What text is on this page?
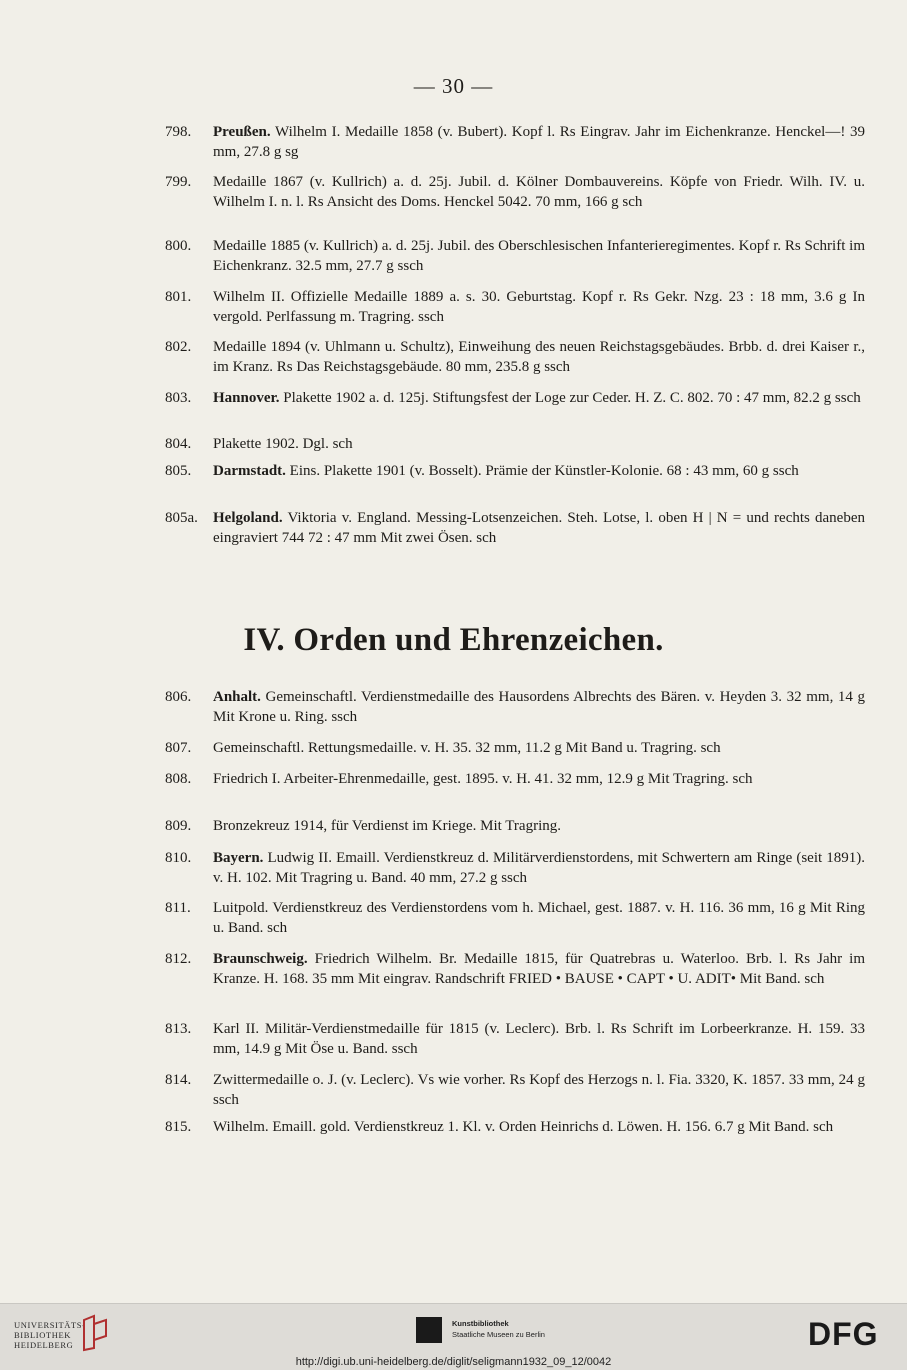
— 30 —
798. Preußen. Wilhelm I. Medaille 1858 (v. Bubert). Kopf l. Rs Eingrav. Jahr im Eichenkranze. Henckel—! 39 mm, 27.8 g sg
799. Medaille 1867 (v. Kullrich) a. d. 25j. Jubil. d. Kölner Dombauvereins. Köpfe von Friedr. Wilh. IV. u. Wilhelm I. n. l. Rs Ansicht des Doms. Henckel 5042. 70 mm, 166 g sch
800. Medaille 1885 (v. Kullrich) a. d. 25j. Jubil. des Oberschlesischen Infanterieregimentes. Kopf r. Rs Schrift im Eichenkranz. 32.5 mm, 27.7 g ssch
801. Wilhelm II. Offizielle Medaille 1889 a. s. 30. Geburtstag. Kopf r. Rs Gekr. Nzg. 23 : 18 mm, 3.6 g In vergold. Perlfassung m. Tragring. ssch
802. Medaille 1894 (v. Uhlmann u. Schultz), Einweihung des neuen Reichstagsgebäudes. Brbb. d. drei Kaiser r., im Kranz. Rs Das Reichstagsgebäude. 80 mm, 235.8 g ssch
803. Hannover. Plakette 1902 a. d. 125j. Stiftungsfest der Loge zur Ceder. H. Z. C. 802. 70 : 47 mm, 82.2 g ssch
804. Plakette 1902. Dgl. sch
805. Darmstadt. Eins. Plakette 1901 (v. Bosselt). Prämie der Künstler-Kolonie. 68 : 43 mm, 60 g ssch
805a. Helgoland. Viktoria v. England. Messing-Lotsenzeichen. Steh. Lotse, l. oben H | N = und rechts daneben eingraviert 744 72 : 47 mm Mit zwei Ösen. sch
IV. Orden und Ehrenzeichen.
806. Anhalt. Gemeinschaftl. Verdienstmedaille des Hausordens Albrechts des Bären. v. Heyden 3. 32 mm, 14 g Mit Krone u. Ring. ssch
807. Gemeinschaftl. Rettungsmedaille. v. H. 35. 32 mm, 11.2 g Mit Band u. Tragring. sch
808. Friedrich I. Arbeiter-Ehrenmedaille, gest. 1895. v. H. 41. 32 mm, 12.9 g Mit Tragring. sch
809. Bronzekreuz 1914, für Verdienst im Kriege. Mit Tragring.
810. Bayern. Ludwig II. Emaill. Verdienstkreuz d. Militärverdienstordens, mit Schwertern am Ringe (seit 1891). v. H. 102. Mit Tragring u. Band. 40 mm, 27.2 g ssch
811. Luitpold. Verdienstkreuz des Verdienstordens vom h. Michael, gest. 1887. v. H. 116. 36 mm, 16 g Mit Ring u. Band. sch
812. Braunschweig. Friedrich Wilhelm. Br. Medaille 1815, für Quatrebras u. Waterloo. Brb. l. Rs Jahr im Kranze. H. 168. 35 mm Mit eingrav. Randschrift FRIED • BAUSE • CAPT • U. ADIT• Mit Band. sch
813. Karl II. Militär-Verdienstmedaille für 1815 (v. Leclerc). Brb. l. Rs Schrift im Lorbeerkranze. H. 159. 33 mm, 14.9 g Mit Öse u. Band. ssch
814. Zwittermedaille o. J. (v. Leclerc). Vs wie vorher. Rs Kopf des Herzogs n. l. Fia. 3320, K. 1857. 33 mm, 24 g ssch
815. Wilhelm. Emaill. gold. Verdienstkreuz 1. Kl. v. Orden Heinrichs d. Löwen. H. 156. 6.7 g Mit Band. sch
UNIVERSITÄTS-
BIBLIOTHEK
HEIDELBERG
Kunstbibliothek
Staatliche Museen zu Berlin	DFG
http://digi.ub.uni-heidelberg.de/diglit/seligmann1932_09_12/0042
